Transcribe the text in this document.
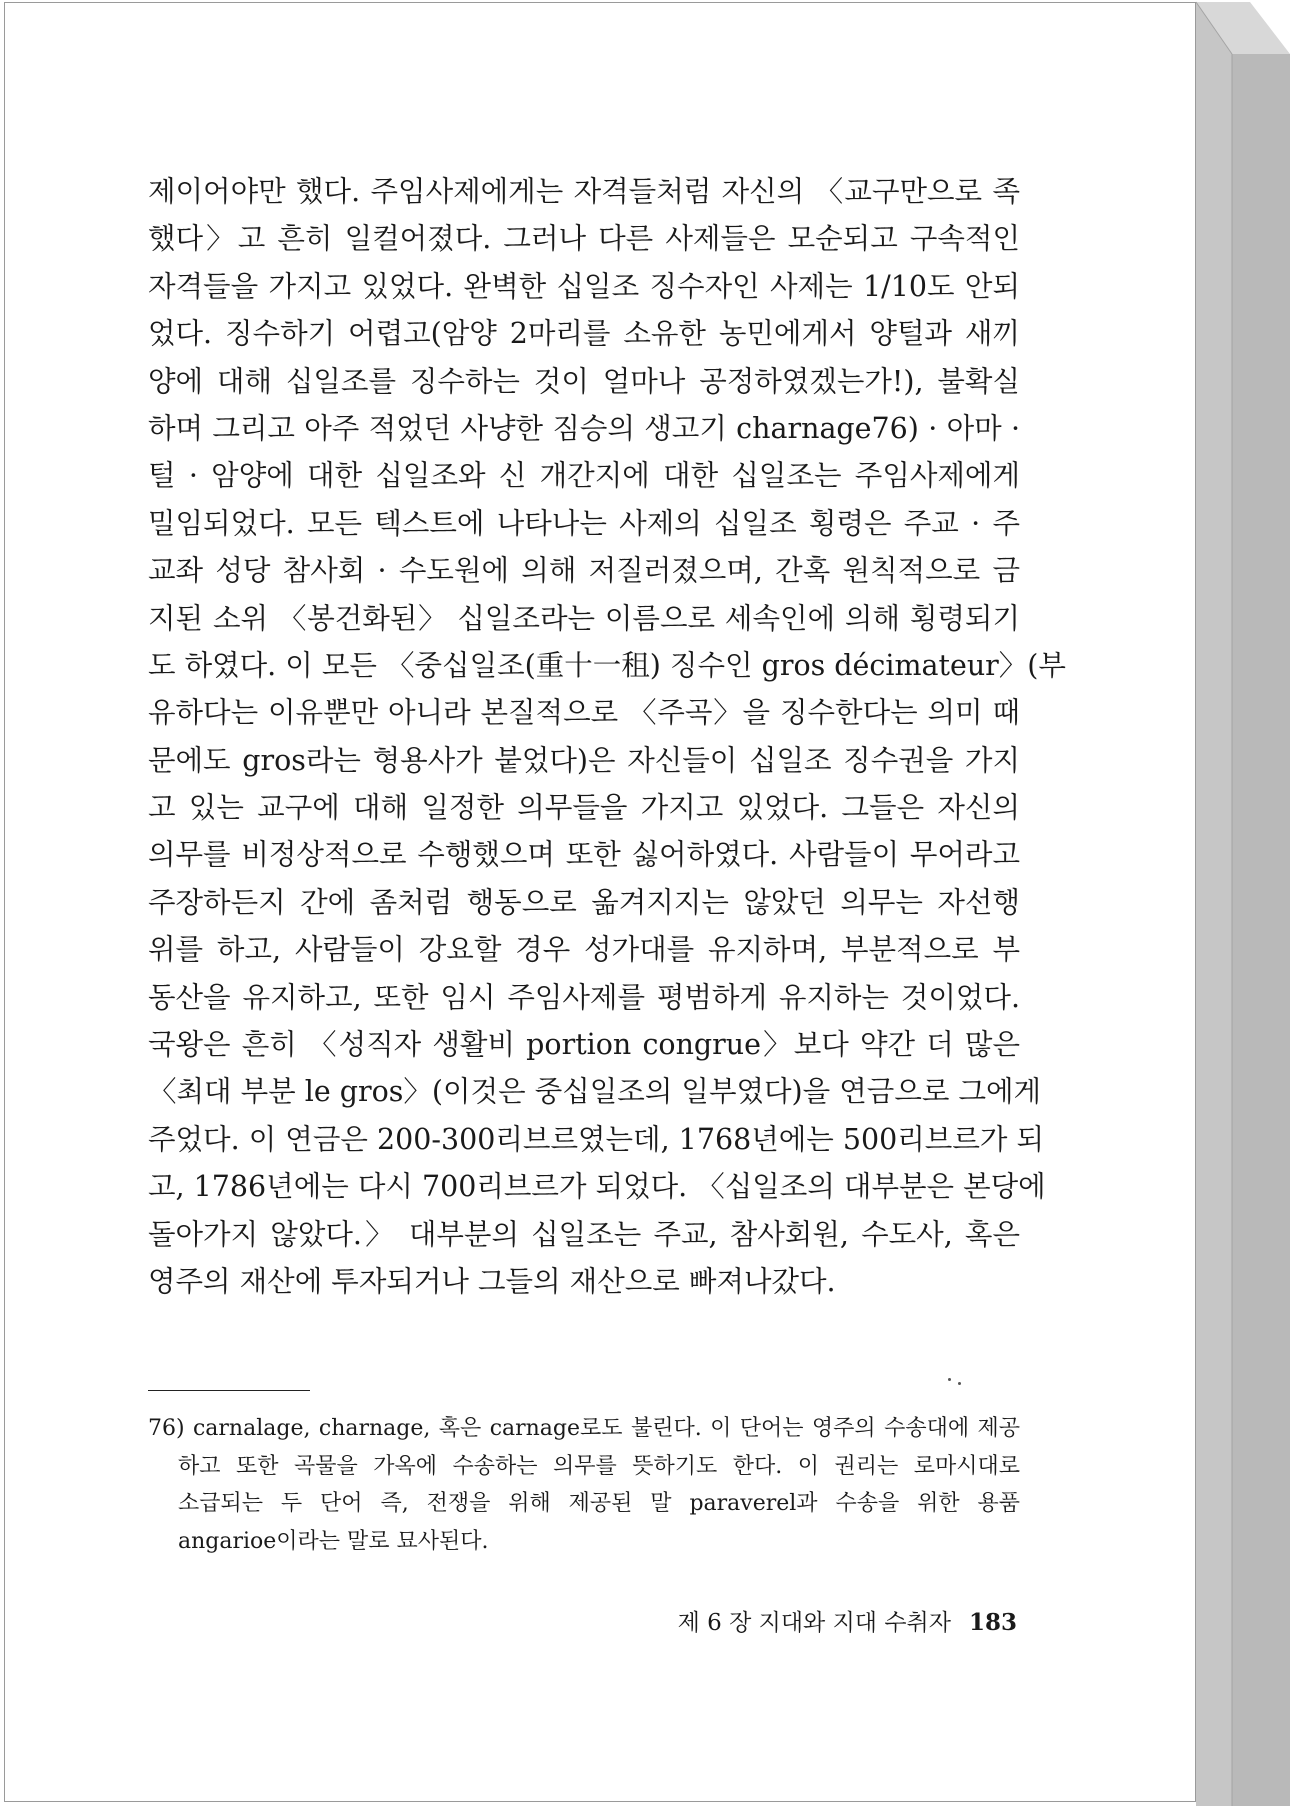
제이어야만 했다. 주임사제에게는 자격들처럼 자신의 〈교구만으로 족
했다〉고 흔히 일컬어졌다. 그러나 다른 사제들은 모순되고 구속적인
자격들을 가지고 있었다. 완벽한 십일조 징수자인 사제는 1/10도 안되
었다. 징수하기 어렵고(암양 2마리를 소유한 농민에게서 양털과 새끼
양에 대해 십일조를 징수하는 것이 얼마나 공정하였겠는가!), 불확실
하며 그리고 아주 적었던 사냥한 짐승의 생고기 charnage76) · 아마 ·
털 · 암양에 대한 십일조와 신 개간지에 대한 십일조는 주임사제에게
밀임되었다. 모든 텍스트에 나타나는 사제의 십일조 횡령은 주교 · 주
교좌 성당 참사회 · 수도원에 의해 저질러졌으며, 간혹 원칙적으로 금
지된 소위 〈봉건화된〉 십일조라는 이름으로 세속인에 의해 횡령되기
도 하였다. 이 모든 〈중십일조(重十一租) 징수인 gros décimateur〉(부
유하다는 이유뿐만 아니라 본질적으로 〈주곡〉을 징수한다는 의미 때
문에도 gros라는 형용사가 붙었다)은 자신들이 십일조 징수권을 가지
고 있는 교구에 대해 일정한 의무들을 가지고 있었다. 그들은 자신의
의무를 비정상적으로 수행했으며 또한 싫어하였다. 사람들이 무어라고
주장하든지 간에 좀처럼 행동으로 옮겨지지는 않았던 의무는 자선행
위를 하고, 사람들이 강요할 경우 성가대를 유지하며, 부분적으로 부
동산을 유지하고, 또한 임시 주임사제를 평범하게 유지하는 것이었다.
국왕은 흔히 〈성직자 생활비 portion congrue〉보다 약간 더 많은
〈최대 부분 le gros〉(이것은 중십일조의 일부였다)을 연금으로 그에게
주었다. 이 연금은 200-300리브르였는데, 1768년에는 500리브르가 되
고, 1786년에는 다시 700리브르가 되었다. 〈십일조의 대부분은 본당에
돌아가지 않았다.〉 대부분의 십일조는 주교, 참사회원, 수도사, 혹은
영주의 재산에 투자되거나 그들의 재산으로 빠져나갔다.
76) carnalage, charnage, 혹은 carnage로도 불린다. 이 단어는 영주의 수송대에 제공
하고 또한 곡물을 가옥에 수송하는 의무를 뜻하기도 한다. 이 권리는 로마시대로
소급되는 두 단어 즉, 전쟁을 위해 제공된 말 paraverel과 수송을 위한 용품
angarioe이라는 말로 묘사된다.
제 6 장 지대와 지대 수취자 183
